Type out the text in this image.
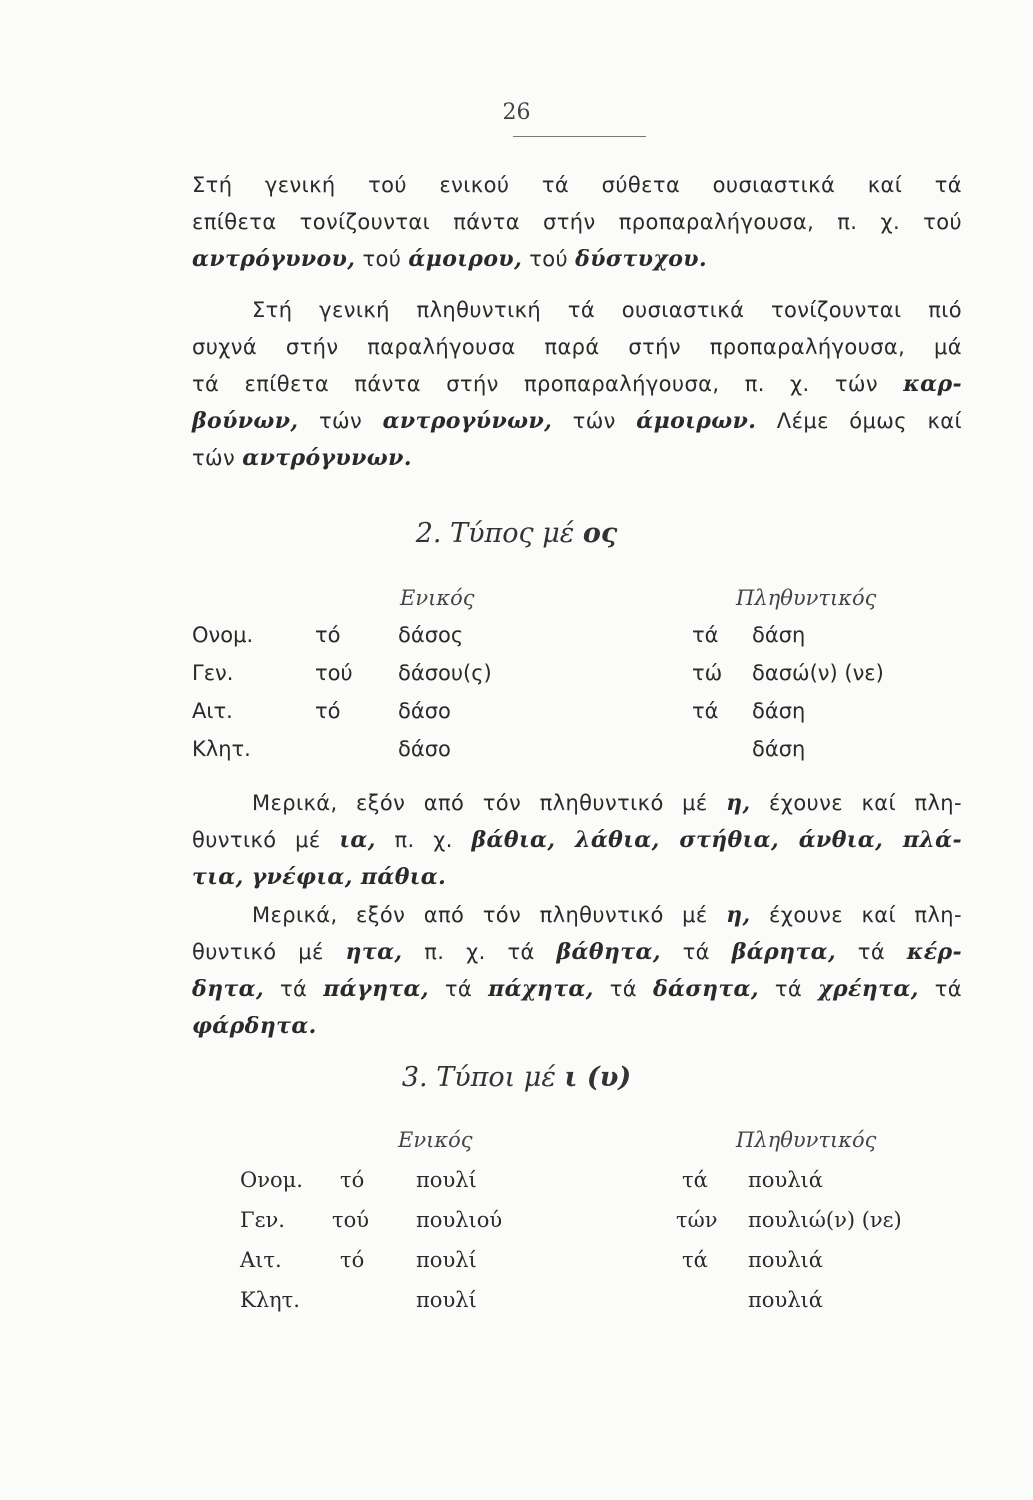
26
Στή γενική τού ενικού τά σύθετα ουσιαστικά καί τά
επίθετα τονίζουνται πάντα στήν προπαραλήγουσα, π. χ. τού
αντρόγυνου, τού άμοιρου, τού δύστυχου.
Στή γενική πληθυντική τά ουσιαστικά τονίζουνται πιό
συχνά στήν παραλήγουσα παρά στήν προπαραλήγουσα, μά
τά επίθετα πάντα στήν προπαραλήγουσα, π. χ. τών καρ-
βούνων, τών αντρογύνων, τών άμοιρων. Λέμε όμως καί
τών αντρόγυνων.
2. Τύπος μέ ος
Ενικός	Πληθυντικός
Ονομ.	τό	δάσος	τά δάση
Γεν.	τού δάσου(ς)	τώ δασώ(ν) (νε)
Αιτ.	τό	δάσο	τά δάση
Κλητ.	δάσο	δάση
Μερικά, εξόν από τόν πληθυντικό μέ η, έχουνε καί πλη-
θυντικό μέ ια, π. χ. βάθια, λάθια, στήθια, άνθια, πλά-
τια, γνέφια, πάθια.
Μερικά, εξόν από τόν πληθυντικό μέ η, έχουνε καί πλη-
θυντικό μέ ητα, π. χ. τά βάθητα, τά βάρητα, τά κέρ-
δητα, τά πάγητα, τά πάχητα, τά δάσητα, τά χρέητα, τά
φάρδητα.
3. Τύποι μέ ι (υ)
Ενικός	Πληθυντικός
Ονομ. τό πουλί	τά πουλιά
Γεν. τού πουλιού	τών πουλιώ(ν) (νε)
Αιτ.	τό πουλί	τά πουλιά
Κλητ.	πουλί	πουλιά
